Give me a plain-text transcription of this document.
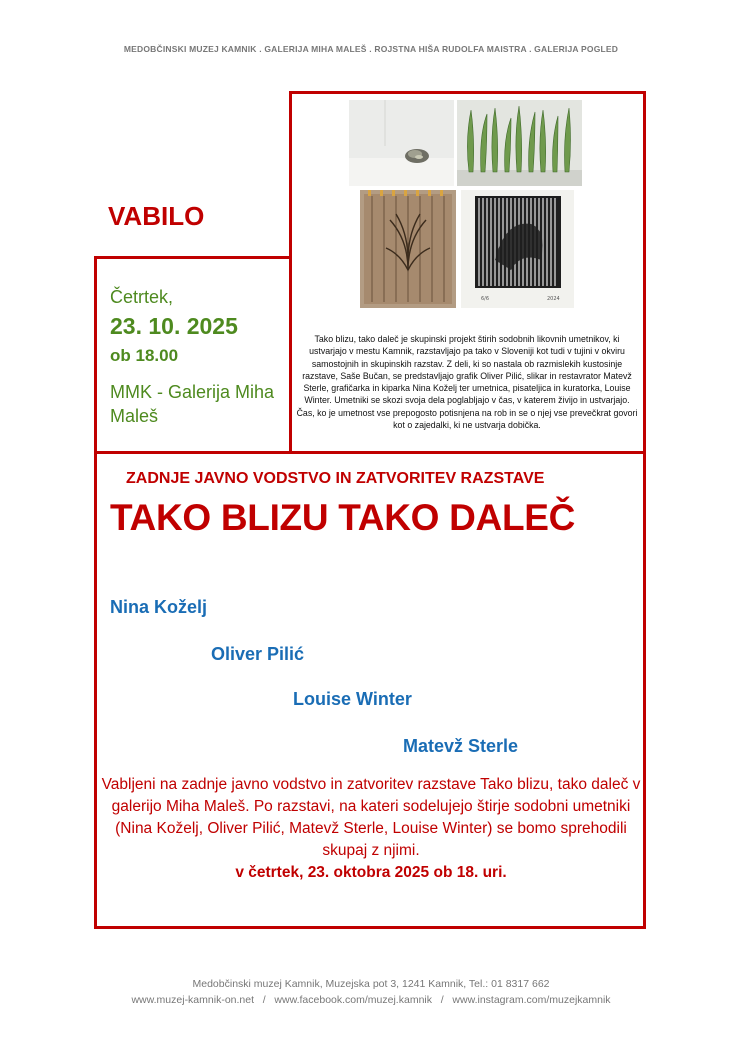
MEDOBČINSKI MUZEJ KAMNIK . GALERIJA MIHA MALEŠ . ROJSTNA HIŠA RUDOLFA MAISTRA . GALERIJA POGLED
VABILO
Četrtek,
23. 10. 2025
ob 18.00
MMK - Galerija Miha Maleš
6/6	2024
Tako blizu, tako daleč je skupinski projekt štirih sodobnih likovnih umetnikov, ki ustvarjajo v mestu Kamnik, razstavljajo pa tako v Sloveniji kot tudi v tujini v okviru samostojnih in skupinskih razstav. Z deli, ki so nastala ob razmislekih kustosinje razstave, Saše Bučan, se predstavljajo grafik Oliver Pilić, slikar in restavrator Matevž Sterle, grafičarka in kiparka Nina Koželj ter umetnica, pisateljica in kuratorka, Louise Winter. Umetniki se skozi svoja dela poglabljajo v čas, v katerem živijo in ustvarjajo. Čas, ko je umetnost vse prepogosto potisnjena na rob in se o njej vse prevečkrat govori kot o zajedalki, ki ne ustvarja dobička.
ZADNJE JAVNO VODSTVO IN ZATVORITEV RAZSTAVE
TAKO BLIZU TAKO DALEČ
Nina Koželj
Oliver Pilić
Louise Winter
Matevž Sterle
Vabljeni na zadnje javno vodstvo in zatvoritev razstave Tako blizu, tako daleč v galerijo Miha Maleš. Po razstavi, na kateri sodelujejo štirje sodobni umetniki (Nina Koželj, Oliver Pilić, Matevž Sterle, Louise Winter) se bomo sprehodili skupaj z njimi.
v četrtek, 23. oktobra 2025 ob 18. uri.
Medobčinski muzej Kamnik, Muzejska pot 3, 1241 Kamnik, Tel.: 01 8317 662
www.muzej-kamnik-on.net   /   www.facebook.com/muzej.kamnik   /   www.instagram.com/muzejkamnik
